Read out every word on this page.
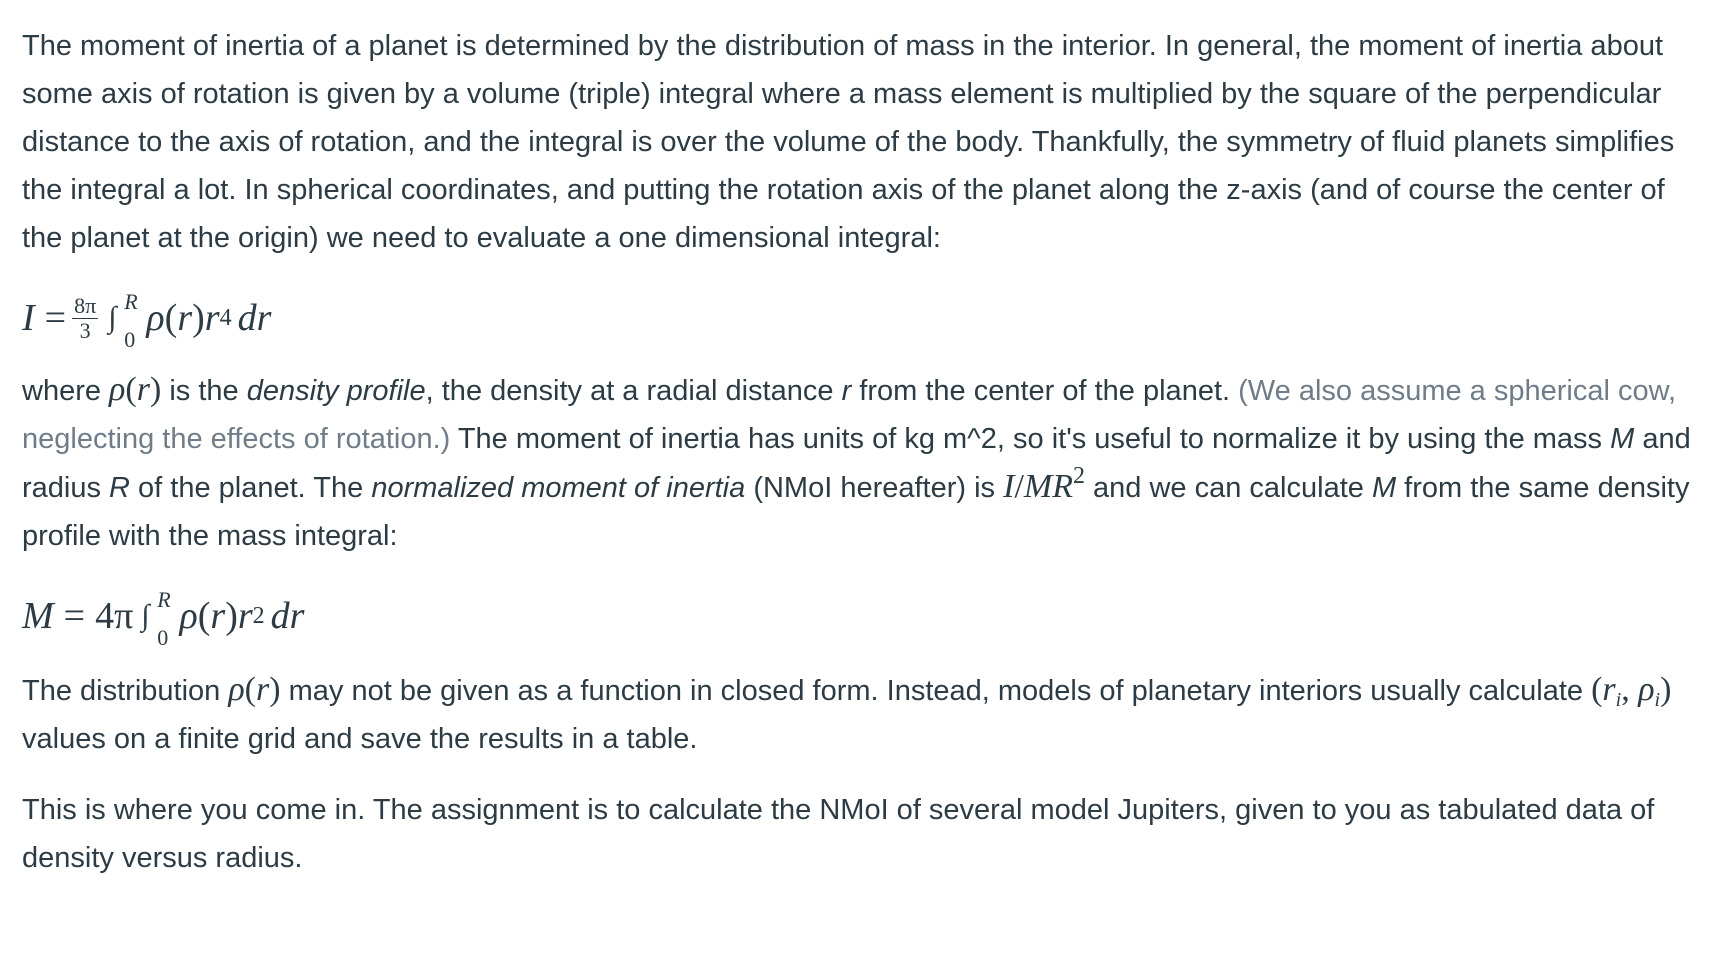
The moment of inertia of a planet is determined by the distribution of mass in the interior. In general, the moment of inertia about some axis of rotation is given by a volume (triple) integral where a mass element is multiplied by the square of the perpendicular distance to the axis of rotation, and the integral is over the volume of the body. Thankfully, the symmetry of fluid planets simplifies the integral a lot. In spherical coordinates, and putting the rotation axis of the planet along the z-axis (and of course the center of the planet at the origin) we need to evaluate a one dimensional integral:

$I = \frac{8\pi}{3}$ ∫ R
0
ρ ( r ) r 4 d r

where ρ(r) is the density profile, the density at a radial distance r from the center of the planet. (We also assume a spherical cow, neglecting the effects of rotation.) The moment of inertia has units of kg m^2, so it's useful to normalize it by using the mass M and radius R of the planet. The normalized moment of inertia (NMoI hereafter) is $I/MR^2$ and we can calculate M from the same density profile with the mass integral:

M = 4π ∫ R
0
ρ ( r ) r 2 d r

The distribution ρ(r) may not be given as a function in closed form. Instead, models of planetary interiors usually calculate ($r_i$, $\rho_i$) values on a finite grid and save the results in a table.

This is where you come in. The assignment is to calculate the NMoI of several model Jupiters, given to you as tabulated data of density versus radius.
